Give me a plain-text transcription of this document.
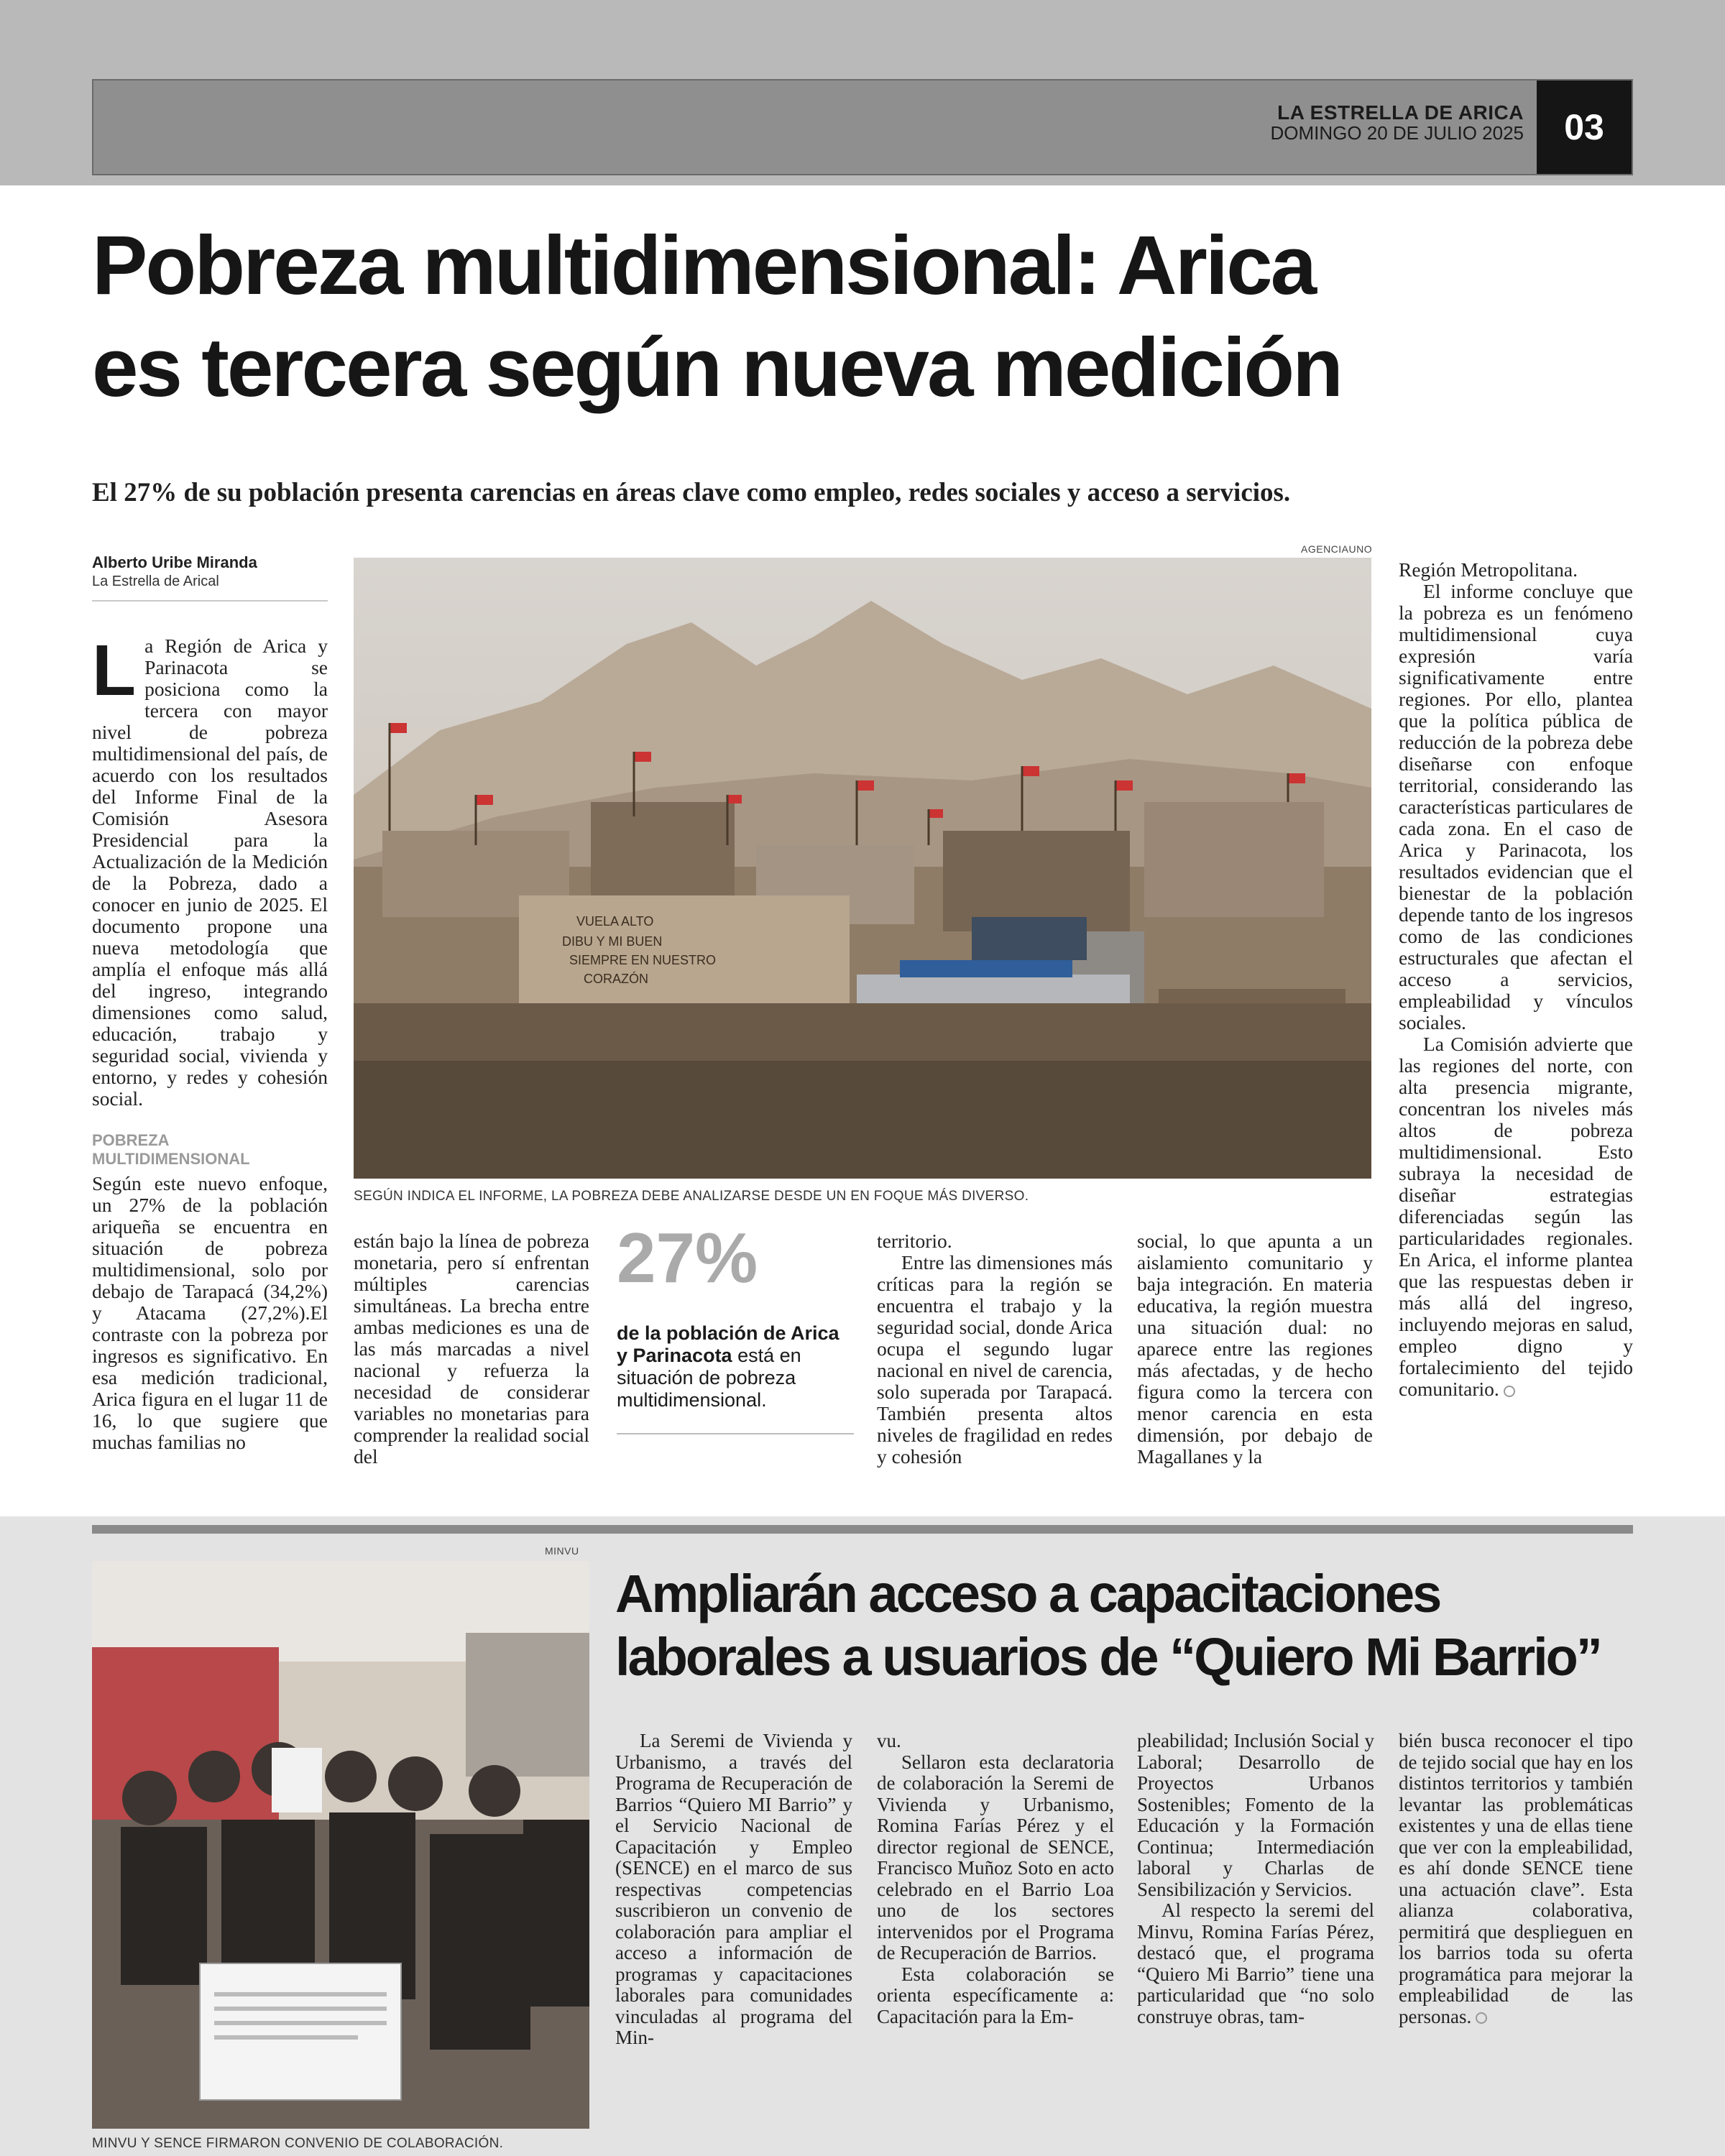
LA ESTRELLA DE ARICA
DOMINGO 20 DE JULIO 2025	03
Pobreza multidimensional: Arica
es tercera según nueva medición
El 27% de su población presenta carencias en áreas clave como empleo, redes sociales y acceso a servicios.
Alberto Uribe Miranda
La Estrella de Arical

La Región de Arica y Parinacota se posiciona como la tercera con mayor nivel de pobreza multidimensional del país, de acuerdo con los resultados del Informe Final de la Comisión Asesora Presidencial para la Actualización de la Medición de la Pobreza, dado a conocer en junio de 2025. El documento propone una nueva metodología que amplía el enfoque más allá del ingreso, integrando dimensiones como salud, educación, trabajo y seguridad social, vivienda y entorno, y redes y cohesión social.

POBREZA MULTIDIMENSIONAL

Según este nuevo enfoque, un 27% de la población ariqueña se encuentra en situación de pobreza multidimensional, solo por debajo de Tarapacá (34,2%) y Atacama (27,2%).El contraste con la pobreza por ingresos es significativo. En esa medición tradicional, Arica figura en el lugar 11 de 16, lo que sugiere que muchas familias no

AGENCIAUNO
VUELA ALTO
DIBU Y MI BUEN
SIEMPRE EN NUESTRO
CORAZÓN
SEGÚN INDICA EL INFORME, LA POBREZA DEBE ANALIZARSE DESDE UN EN FOQUE MÁS DIVERSO.

están bajo la línea de pobreza monetaria, pero sí enfrentan múltiples carencias simultáneas. La brecha entre ambas mediciones es una de las más marcadas a nivel nacional y refuerza la necesidad de considerar variables no monetarias para comprender la realidad social del

27%
de la población de Arica y Parinacota está en situación de pobreza multidimensional.

territorio.

Entre las dimensiones más críticas para la región se encuentra el trabajo y la seguridad social, donde Arica ocupa el segundo lugar nacional en nivel de carencia, solo superada por Tarapacá. También presenta altos niveles de fragilidad en redes y cohesión

social, lo que apunta a un aislamiento comunitario y baja integración. En materia educativa, la región muestra una situación dual: no aparece entre las regiones más afectadas, y de hecho figura como la tercera con menor carencia en esta dimensión, por debajo de Magallanes y la

Región Metropolitana.

El informe concluye que la pobreza es un fenómeno multidimensional cuya expresión varía significativamente entre regiones. Por ello, plantea que la política pública de reducción de la pobreza debe diseñarse con enfoque territorial, considerando las características particulares de cada zona. En el caso de Arica y Parinacota, los resultados evidencian que el bienestar de la población depende tanto de los ingresos como de las condiciones estructurales que afectan el acceso a servicios, empleabilidad y vínculos sociales.

La Comisión advierte que las regiones del norte, con alta presencia migrante, concentran los niveles más altos de pobreza multidimensional. Esto subraya la necesidad de diseñar estrategias diferenciadas según las particularidades regionales. En Arica, el informe plantea que las respuestas deben ir más allá del ingreso, incluyendo mejoras en salud, empleo digno y fortalecimiento del tejido comunitario.

MINVU
MINVU Y SENCE FIRMARON CONVENIO DE COLABORACIÓN.
Ampliarán acceso a capacitaciones
laborales a usuarios de “Quiero Mi Barrio”

La Seremi de Vivienda y Urbanismo, a través del Programa de Recuperación de Barrios “Quiero MI Barrio” y el Servicio Nacional de Capacitación y Empleo (SENCE) en el marco de sus respectivas competencias suscribieron un convenio de colaboración para ampliar el acceso a información de programas y capacitaciones laborales para comunidades vinculadas al programa del Min-

vu.

Sellaron esta declaratoria de colaboración la Seremi de Vivienda y Urbanismo, Romina Farías Pérez y el director regional de SENCE, Francisco Muñoz Soto en acto celebrado en el Barrio Loa uno de los sectores intervenidos por el Programa de Recuperación de Barrios.

Esta colaboración se orienta específicamente a: Capacitación para la Em-

pleabilidad; Inclusión Social y Laboral; Desarrollo de Proyectos Urbanos Sostenibles; Fomento de la Educación y la Formación Continua; Intermediación laboral y Charlas de Sensibilización y Servicios.

Al respecto la seremi del Minvu, Romina Farías Pérez, destacó que, el programa “Quiero Mi Barrio” tiene una particularidad que “no solo construye obras, tam-

bién busca reconocer el tipo de tejido social que hay en los distintos territorios y también levantar las problemáticas existentes y una de ellas tiene que ver con la empleabilidad, es ahí donde SENCE tiene una actuación clave”. Esta alianza colaborativa, permitirá que desplieguen en los barrios toda su oferta programática para mejorar la empleabilidad de las personas.
